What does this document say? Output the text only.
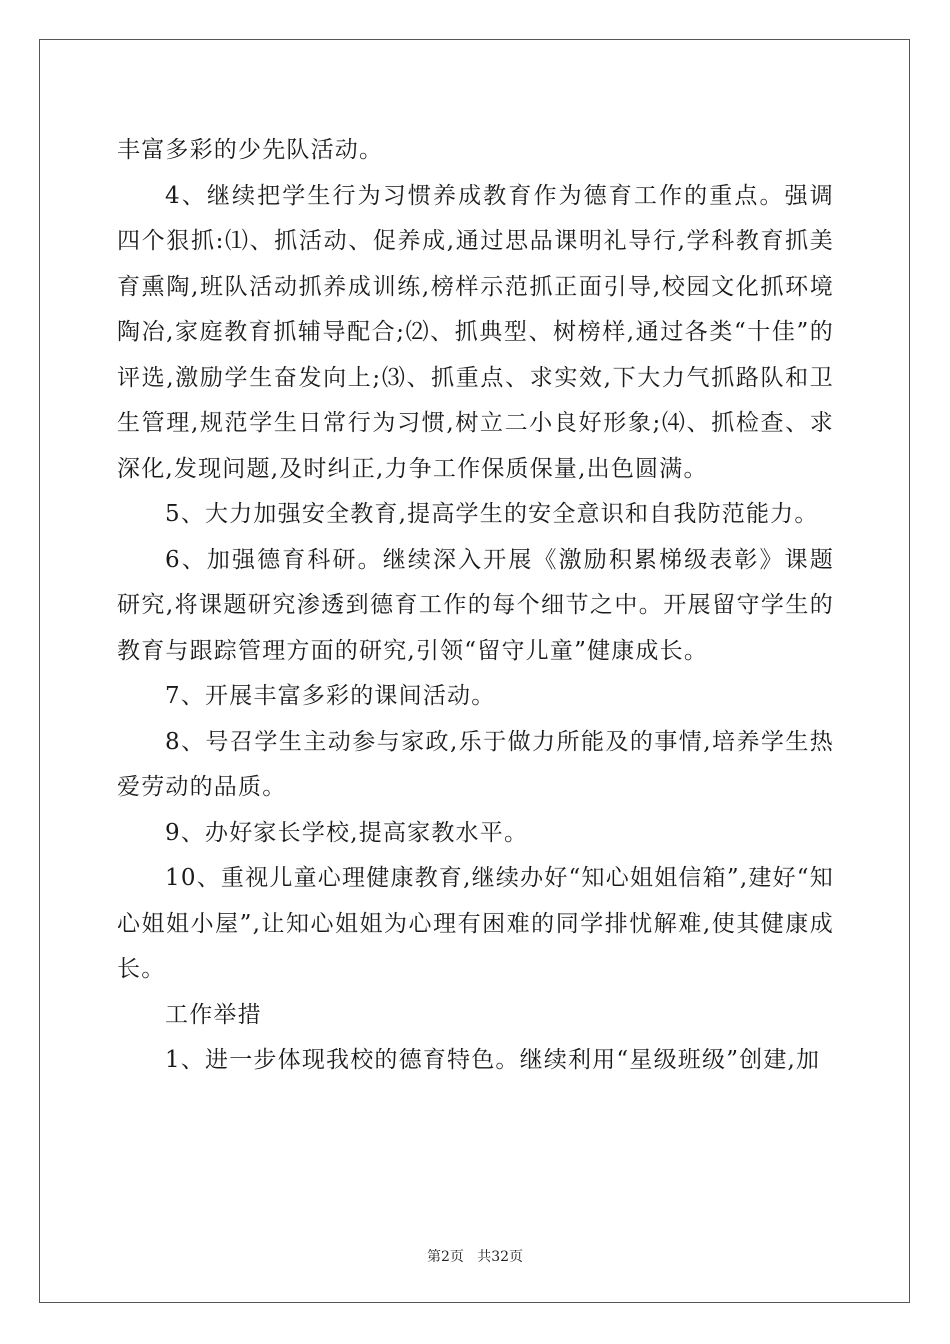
丰富多彩的少先队活动。

4、继续把学生行为习惯养成教育作为德育工作的重点。强调四个狠抓:⑴、抓活动、促养成,通过思品课明礼导行,学科教育抓美育熏陶,班队活动抓养成训练,榜样示范抓正面引导,校园文化抓环境陶冶,家庭教育抓辅导配合;⑵、抓典型、树榜样,通过各类“十佳”的评选,激励学生奋发向上;⑶、抓重点、求实效,下大力气抓路队和卫生管理,规范学生日常行为习惯,树立二小良好形象;⑷、抓检查、求深化,发现问题,及时纠正,力争工作保质保量,出色圆满。

5、大力加强安全教育,提高学生的安全意识和自我防范能力。

6、加强德育科研。继续深入开展《激励积累梯级表彰》课题研究,将课题研究渗透到德育工作的每个细节之中。开展留守学生的教育与跟踪管理方面的研究,引领“留守儿童”健康成长。

7、开展丰富多彩的课间活动。

8、号召学生主动参与家政,乐于做力所能及的事情,培养学生热爱劳动的品质。

9、办好家长学校,提高家教水平。

10、重视儿童心理健康教育,继续办好“知心姐姐信箱”,建好“知心姐姐小屋”,让知心姐姐为心理有困难的同学排忧解难,使其健康成长。

工作举措

1、进一步体现我校的德育特色。继续利用“星级班级”创建,加

第2页   共32页
